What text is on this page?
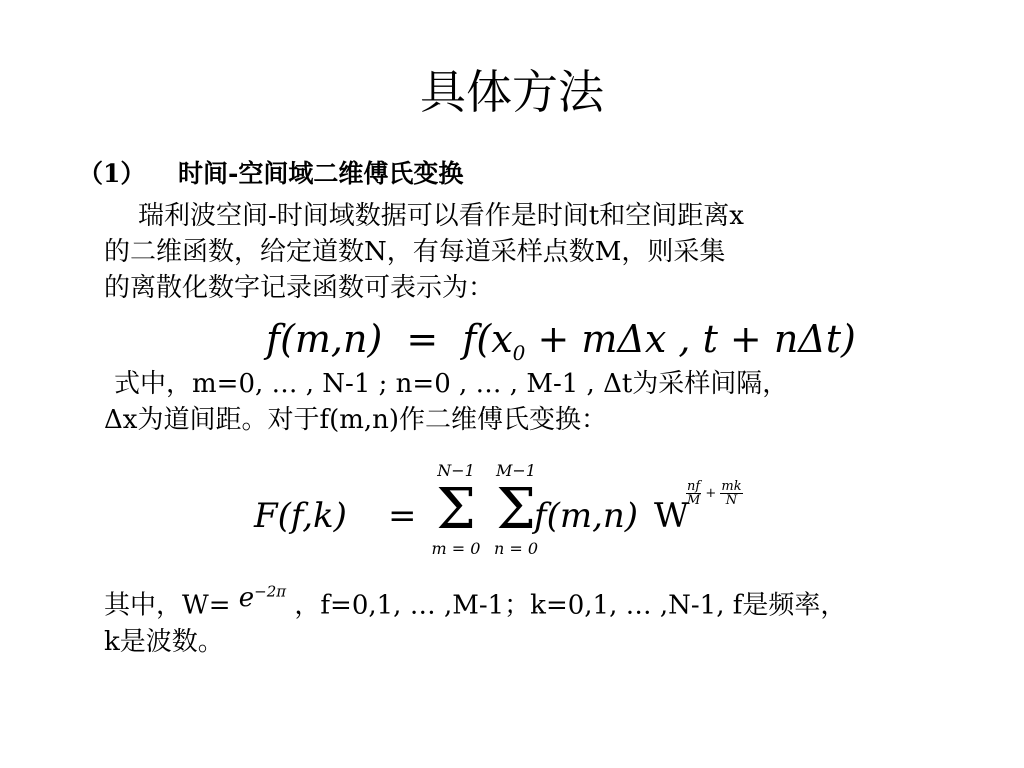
具体方法
（1） 时间-空间域二维傅氏变换
瑞利波空间-时间域数据可以看作是时间t和空间距离x
的二维函数，给定道数N，有每道采样点数M，则采集
的离散化数字记录函数可表示为：
$f(m,n) = f(x_0 + m\Delta x$ , t + nΔt)
式中，m=0, … , N-1 ; n=0 , … , M-1 , Δt为采样间隔，
Δx为道间距。对于f(m,n)作二维傅氏变换：
F(f,k) =
N−1
Σ
m = 0
M−1
Σ
n = 0
f(m,n) W
$\frac{nf}{M} + \frac{mk}{N}$
其中，$W= e^{-2\pi}$ ，f=0,1, … ,M-1；k=0,1, … ,N-1, f是频率，
k是波数。
